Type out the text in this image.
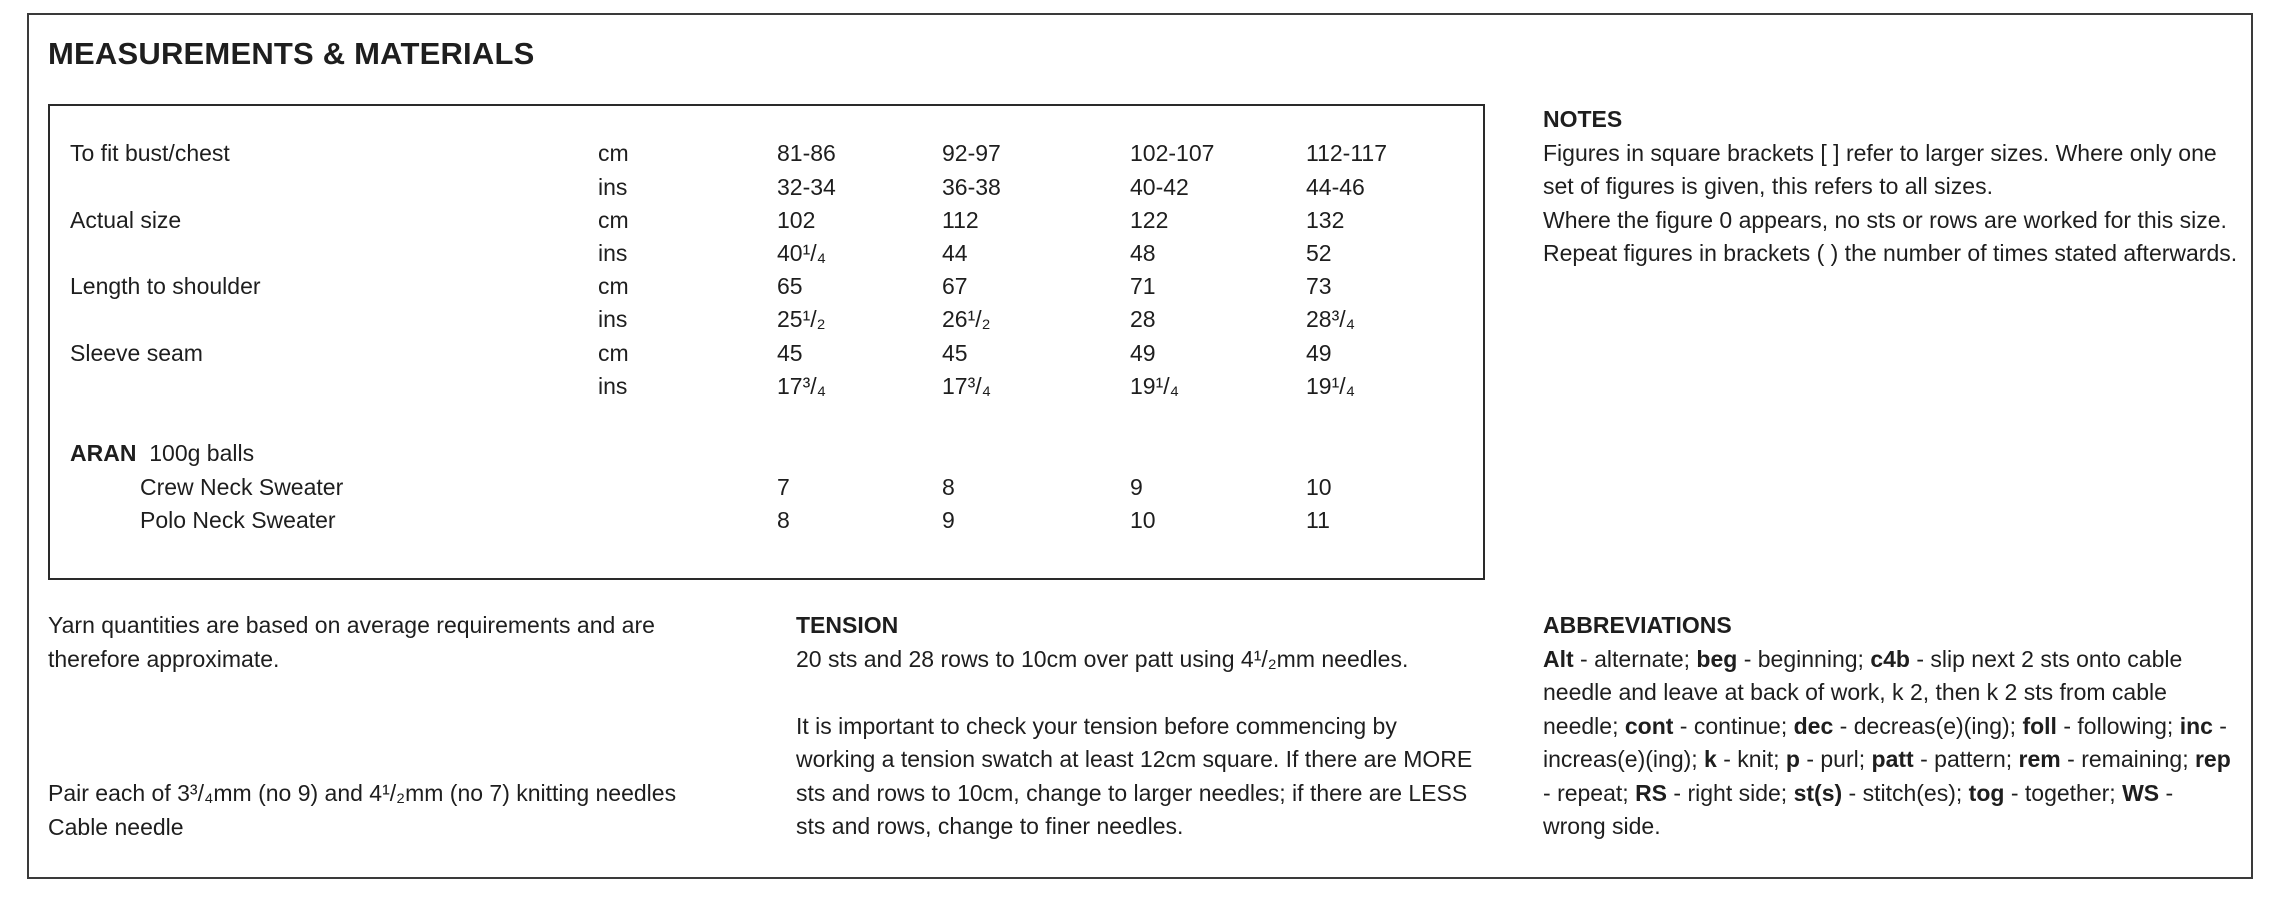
MEASUREMENTS & MATERIALS
To fit bust/chest	cm	81-86	92-97	102-107	112-117
ins	32-34	36-38	40-42	44-46
Actual size	cm	102	112	122	132
ins	40¹/₄	44	48	52
Length to shoulder	cm	65	67	71	73
ins	25¹/₂	26¹/₂	28	28³/₄
Sleeve seam	cm	45	45	49	49
ins	17³/₄	17³/₄	19¹/₄	19¹/₄
ARAN 100g balls
Crew Neck Sweater	7	8	9	10
Polo Neck Sweater	8	9	10	11

NOTES

Figures in square brackets [ ] refer to larger sizes. Where only one set of figures is given, this refers to all sizes.

Where the figure 0 appears, no sts or rows are worked for this size.

Repeat figures in brackets ( ) the number of times stated afterwards.

Yarn quantities are based on average requirements and are therefore approximate.

Pair each of 3³/₄mm (no 9) and 4¹/₂mm (no 7) knitting needles

Cable needle

TENSION

20 sts and 28 rows to 10cm over patt using 4¹/₂mm needles.

It is important to check your tension before commencing by working a tension swatch at least 12cm square. If there are MORE sts and rows to 10cm, change to larger needles; if there are LESS sts and rows, change to finer needles.

ABBREVIATIONS

Alt - alternate; beg - beginning; c4b - slip next 2 sts onto cable needle and leave at back of work, k 2, then k 2 sts from cable needle; cont - continue; dec - decreas(e)(ing); foll - following; inc - increas(e)(ing); k - knit; p - purl; patt - pattern; rem - remaining; rep - repeat; RS - right side; st(s) - stitch(es); tog - together; WS - wrong side.
